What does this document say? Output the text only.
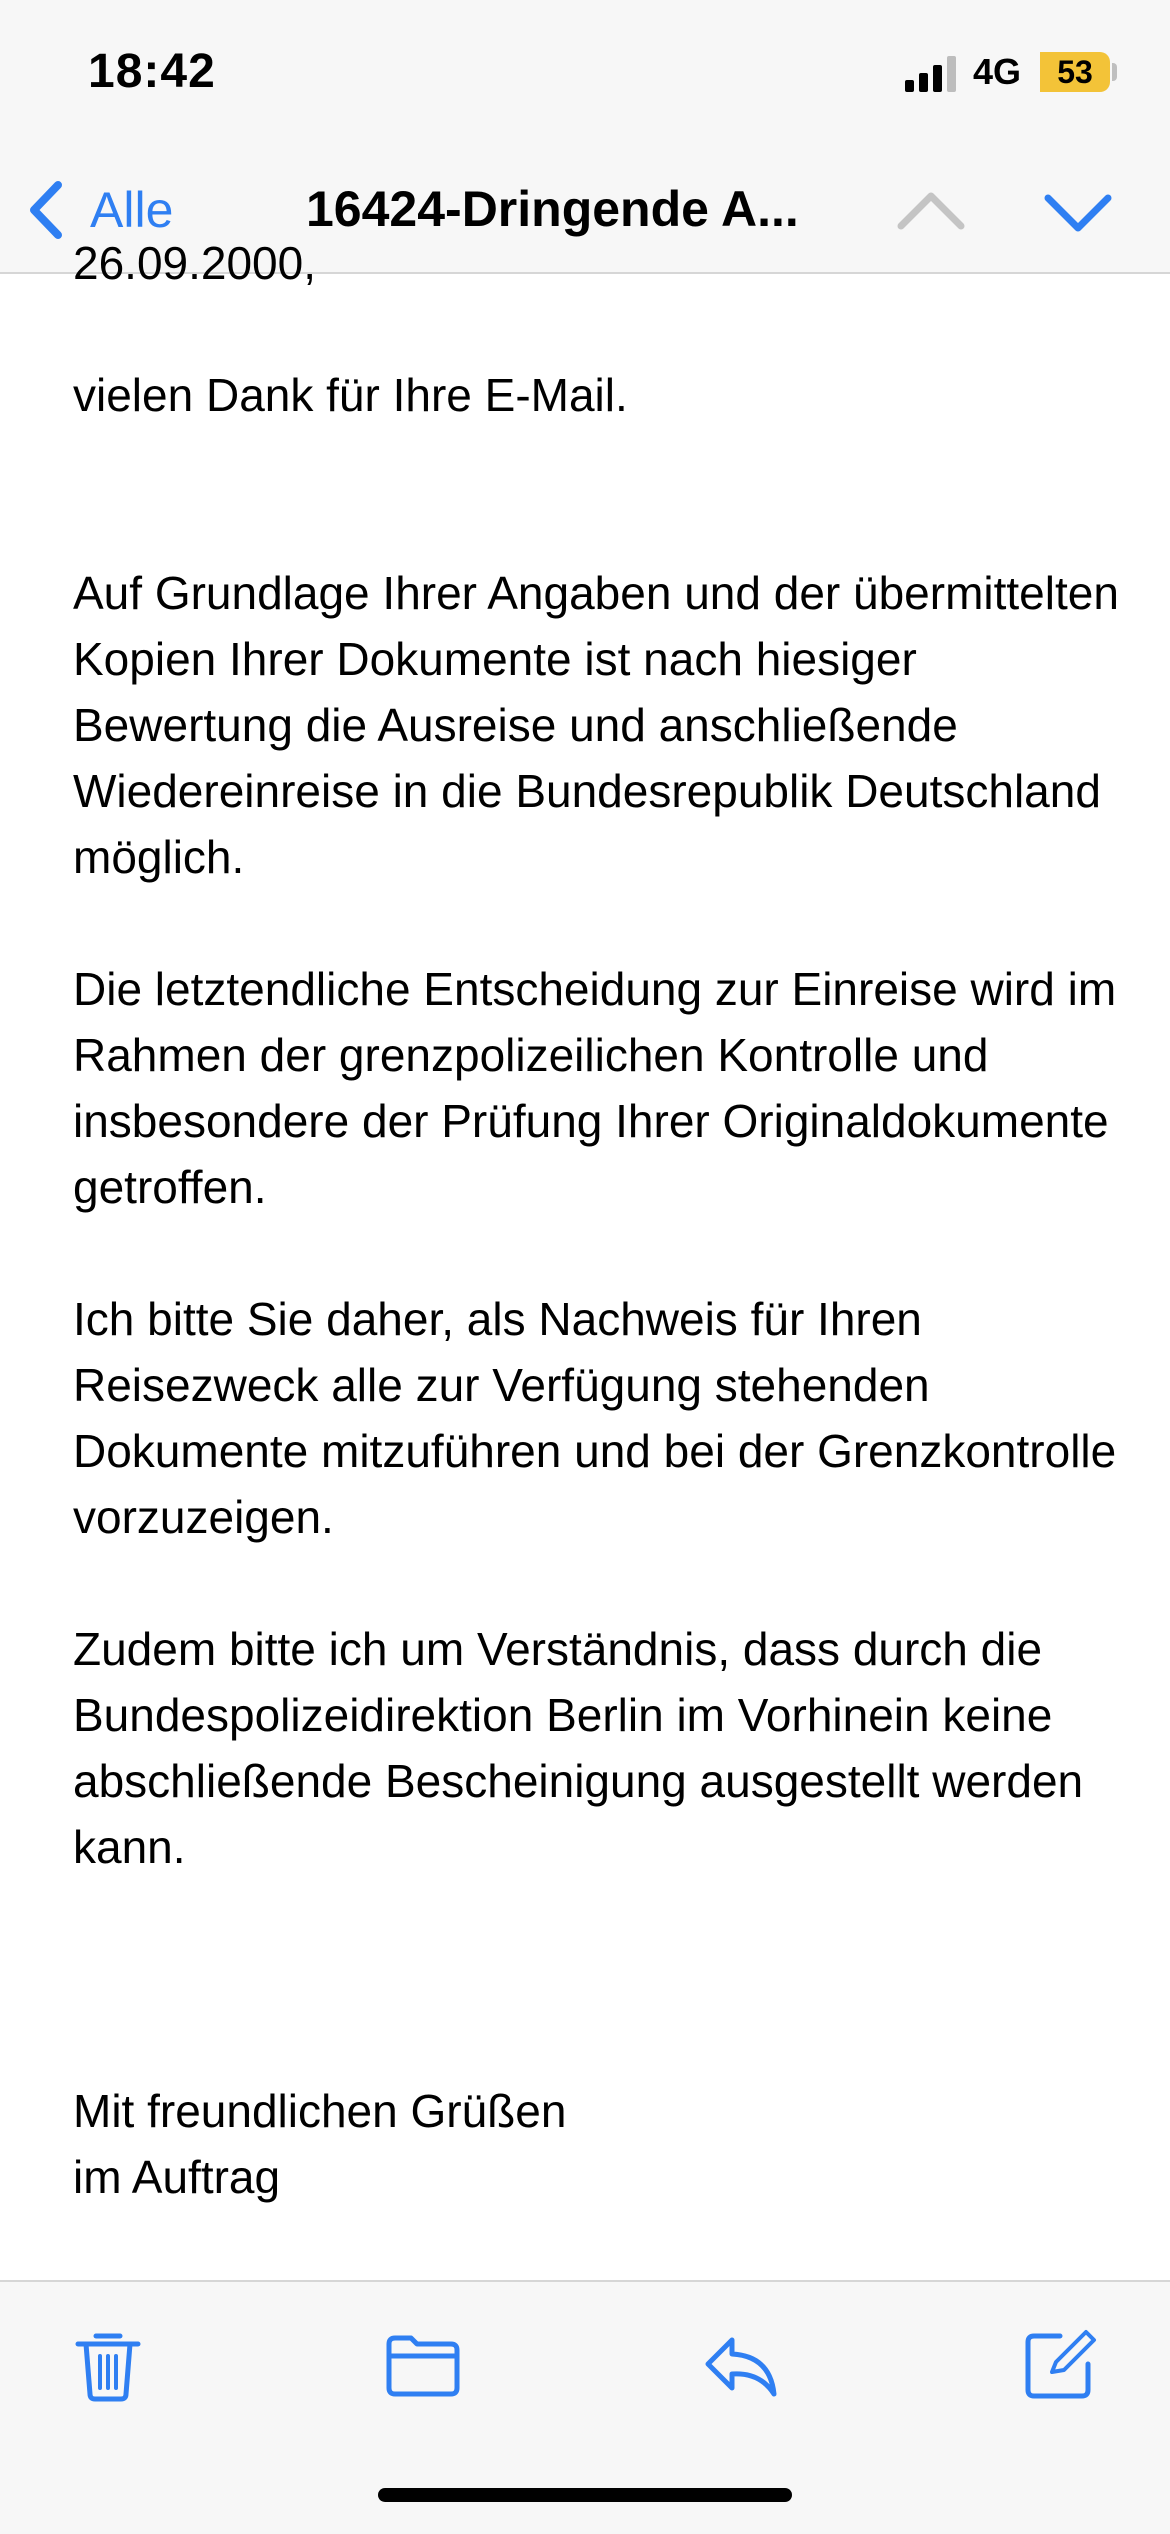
18:42	4G	53
Alle	16424-Dringende A...

26.09.2000,

vielen Dank für Ihre E-Mail.

Auf Grundlage Ihrer Angaben und der übermittelten Kopien Ihrer Dokumente ist nach hiesiger Bewertung die Ausreise und anschließende Wiedereinreise in die Bundesrepublik Deutschland möglich.

Die letztendliche Entscheidung zur Einreise wird im Rahmen der grenzpolizeilichen Kontrolle und insbesondere der Prüfung Ihrer Originaldokumente getroffen.

Ich bitte Sie daher, als Nachweis für Ihren Reisezweck alle zur Verfügung stehenden Dokumente mitzuführen und bei der Grenzkontrolle vorzuzeigen.

Zudem bitte ich um Verständnis, dass durch die Bundespolizeidirektion Berlin im Vorhinein keine abschließende Bescheinigung ausgestellt werden kann.

Mit freundlichen Grüßen

im Auftrag
